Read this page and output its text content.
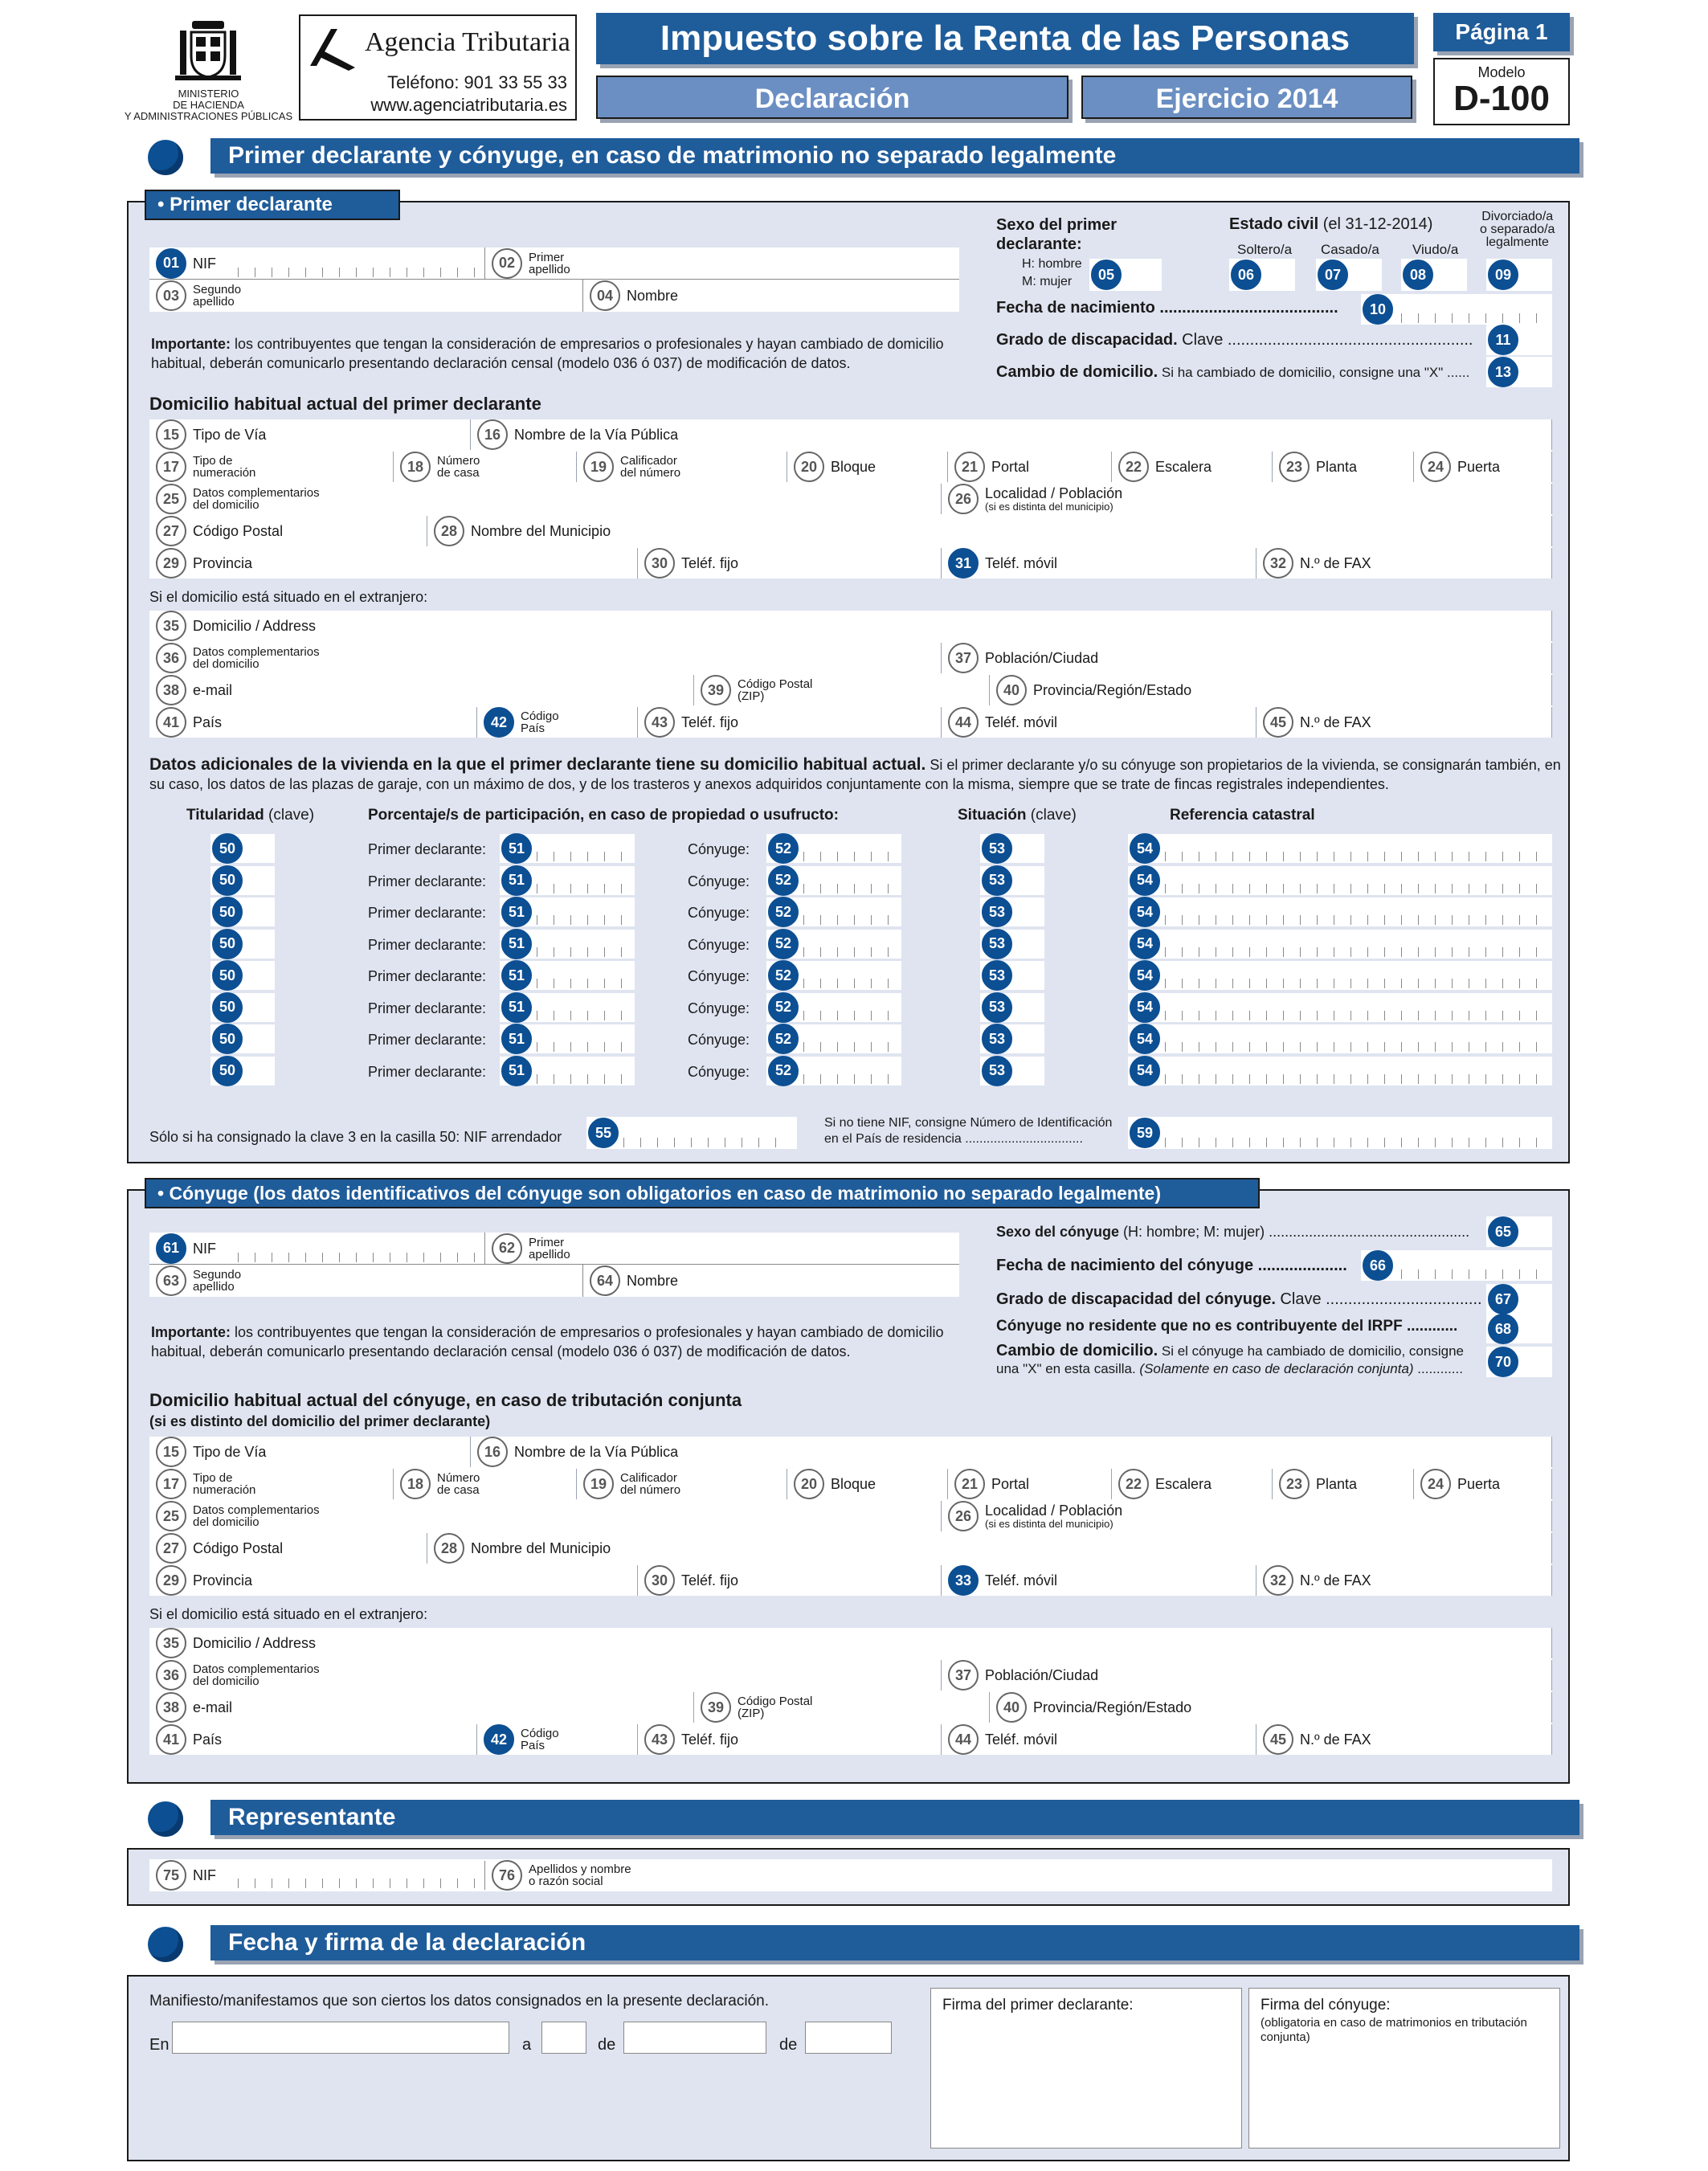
MINISTERIO
DE HACIENDA
Y ADMINISTRACIONES PÚBLICAS
Agencia Tributaria
Teléfono: 901 33 55 33
www.agenciatributaria.es
Impuesto sobre la Renta de las Personas
Declaración	Ejercicio 2014
Página 1
Modelo
D-100
Primer declarante y cónyuge, en caso de matrimonio no separado legalmente
• Primer declarante
01 NIF	02	Primer
apellido
03	Segundo
apellido	04 Nombre
Importante: los contribuyentes que tengan la consideración de empresarios o profesionales y hayan cambiado de domicilio habitual, deberán comunicarlo presentando declaración censal (modelo 036 ó 037) de modificación de datos.
Sexo del primer
declarante:
H: hombre
M: mujer	05
Estado civil (el 31-12-2014)
Soltero/a Casado/a Viudo/a
Divorciado/a
o separado/a
legalmente
06	07	08	09
Fecha de nacimiento ........................................	10
Grado de discapacidad. Clave .......................................................	11
Cambio de domicilio. Si ha cambiado de domicilio, consigne una "X" ......	13
Domicilio habitual actual del primer declarante
15 Tipo de Vía	16 Nombre de la Vía Pública
17	Tipo de
numeración	18	Número
de casa	19	Calificador
del número	20 Bloque	21 Portal	22 Escalera	23 Planta	24 Puerta
25	Datos complementarios
del domicilio	26 Localidad / Población
(si es distinta del municipio)
27 Código Postal	28 Nombre del Municipio
29 Provincia	30 Teléf. fijo	31 Teléf. móvil	32 N.º de FAX
Si el domicilio está situado en el extranjero:
35 Domicilio / Address
36	Datos complementarios
del domicilio	37 Población/Ciudad
38 e-mail	39	Código Postal
(ZIP)	40 Provincia/Región/Estado
41 País	42	Código
País	43 Teléf. fijo	44 Teléf. móvil	45 N.º de FAX
Datos adicionales de la vivienda en la que el primer declarante tiene su domicilio habitual actual. Si el primer declarante y/o su cónyuge son propietarios de la vivienda, se consignarán también, en su caso, los datos de las plazas de garaje, con un máximo de dos, y de los trasteros y anexos adquiridos conjuntamente con la misma, siempre que se trate de fincas registrales independientes.
Titularidad (clave)	Porcentaje/s de participación, en caso de propiedad o usufructo:	Situación (clave)	Referencia catastral
50	Primer declarante:	51	Cónyuge:	52	53	54
50	Primer declarante:	51	Cónyuge:	52	53	54
50	Primer declarante:	51	Cónyuge:	52	53	54
50	Primer declarante:	51	Cónyuge:	52	53	54
50	Primer declarante:	51	Cónyuge:	52	53	54
50	Primer declarante:	51	Cónyuge:	52	53	54
50	Primer declarante:	51	Cónyuge:	52	53	54
50	Primer declarante:	51	Cónyuge:	52	53	54
Sólo si ha consignado la clave 3 en la casilla 50: NIF arrendador	55
Si no tiene NIF, consigne Número de Identificación
en el País de residencia .................................	59
• Cónyuge (los datos identificativos del cónyuge son obligatorios en caso de matrimonio no separado legalmente)
61 NIF	62	Primer
apellido
63	Segundo
apellido	64 Nombre
Importante: los contribuyentes que tengan la consideración de empresarios o profesionales y hayan cambiado de domicilio habitual, deberán comunicarlo presentando declaración censal (modelo 036 ó 037) de modificación de datos.
Sexo del cónyuge (H: hombre; M: mujer) ..................................................	65
Fecha de nacimiento del cónyuge ....................	66
Grado de discapacidad del cónyuge. Clave ................................... 67
Cónyuge no residente que no es contribuyente del IRPF ............	68
Cambio de domicilio. Si el cónyuge ha cambiado de domicilio, consigne
una "X" en esta casilla. (Solamente en caso de declaración conjunta) ............	70
Domicilio habitual actual del cónyuge, en caso de tributación conjunta
(si es distinto del domicilio del primer declarante)
15 Tipo de Vía	16 Nombre de la Vía Pública
17	Tipo de
numeración	18	Número
de casa	19	Calificador
del número	20 Bloque	21 Portal	22 Escalera	23 Planta	24 Puerta
25	Datos complementarios
del domicilio	26 Localidad / Población
(si es distinta del municipio)
27 Código Postal	28 Nombre del Municipio
29 Provincia	30 Teléf. fijo	33 Teléf. móvil	32 N.º de FAX
Si el domicilio está situado en el extranjero:
35 Domicilio / Address
36	Datos complementarios
del domicilio	37 Población/Ciudad
38 e-mail	39	Código Postal
(ZIP)	40 Provincia/Región/Estado
41 País	42	Código
País	43 Teléf. fijo	44 Teléf. móvil	45 N.º de FAX
Representante
75 NIF	76	Apellidos y nombre
o razón social
Fecha y firma de la declaración
Manifiesto/manifestamos que son ciertos los datos consignados en la presente declaración.
En	a	de	de
Firma del primer declarante:	Firma del cónyuge:
(obligatoria en caso de matrimonios en tributación conjunta)
